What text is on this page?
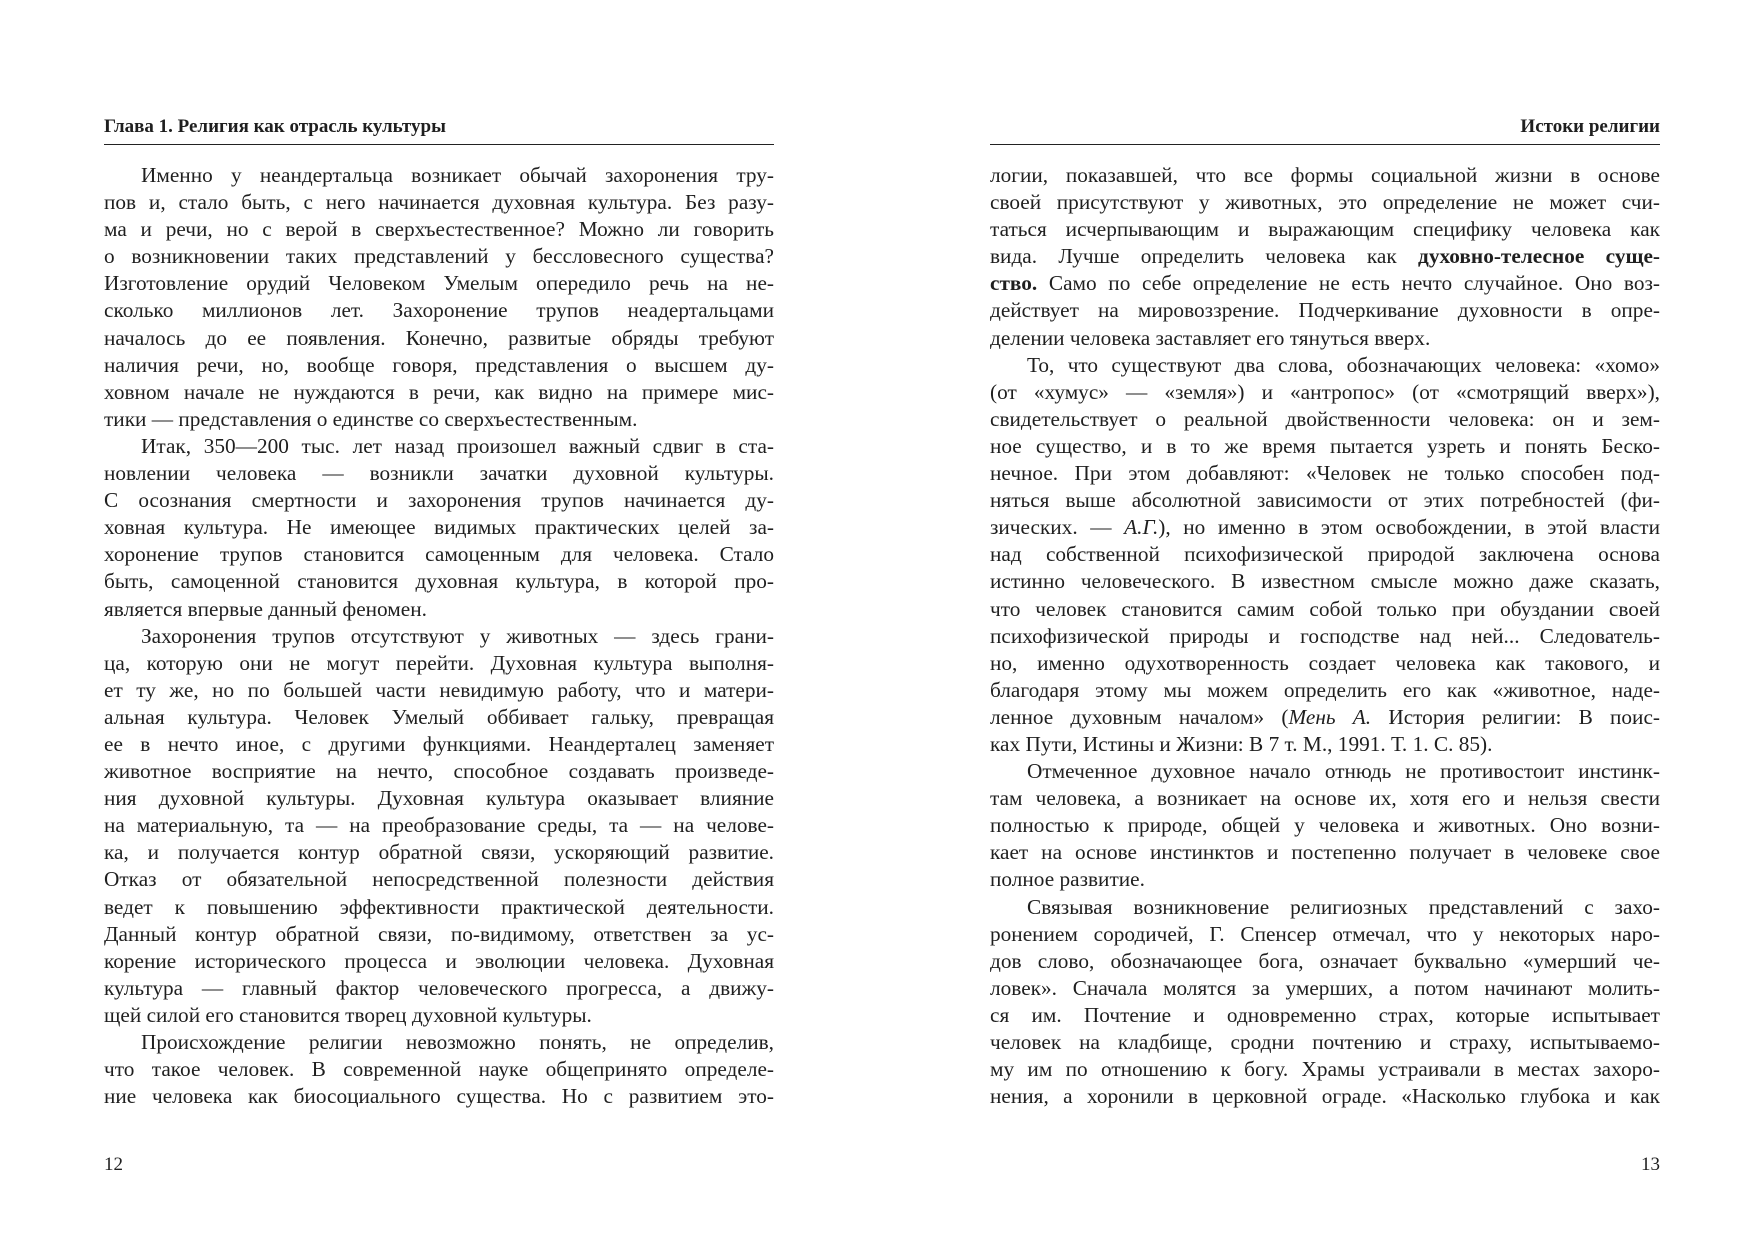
Глава 1. Религия как отрасль культуры
Именно у неандертальца возникает обычай захоронения тру-
пов и, стало быть, с него начинается духовная культура. Без разу-
ма и речи, но с верой в сверхъестественное? Можно ли говорить
о возникновении таких представлений у бессловесного существа?
Изготовление орудий Человеком Умелым опередило речь на не-
сколько миллионов лет. Захоронение трупов неадертальцами
началось до ее появления. Конечно, развитые обряды требуют
наличия речи, но, вообще говоря, представления о высшем ду-
ховном начале не нуждаются в речи, как видно на примере мис-
тики — представления о единстве со сверхъестественным.
Итак, 350—200 тыс. лет назад произошел важный сдвиг в ста-
новлении человека — возникли зачатки духовной культуры.
С осознания смертности и захоронения трупов начинается ду-
ховная культура. Не имеющее видимых практических целей за-
хоронение трупов становится самоценным для человека. Стало
быть, самоценной становится духовная культура, в которой про-
является впервые данный феномен.
Захоронения трупов отсутствуют у животных — здесь грани-
ца, которую они не могут перейти. Духовная культура выполня-
ет ту же, но по большей части невидимую работу, что и матери-
альная культура. Человек Умелый оббивает гальку, превращая
ее в нечто иное, с другими функциями. Неандерталец заменяет
животное восприятие на нечто, способное создавать произведе-
ния духовной культуры. Духовная культура оказывает влияние
на материальную, та — на преобразование среды, та — на челове-
ка, и получается контур обратной связи, ускоряющий развитие.
Отказ от обязательной непосредственной полезности действия
ведет к повышению эффективности практической деятельности.
Данный контур обратной связи, по-видимому, ответствен за ус-
корение исторического процесса и эволюции человека. Духовная
культура — главный фактор человеческого прогресса, а движу-
щей силой его становится творец духовной культуры.
Происхождение религии невозможно понять, не определив,
что такое человек. В современной науке общепринято определе-
ние человека как биосоциального существа. Но с развитием это-
12
Истоки религии
логии, показавшей, что все формы социальной жизни в основе
своей присутствуют у животных, это определение не может счи-
таться исчерпывающим и выражающим специфику человека как
вида. Лучше определить человека как духовно-телесное суще-
ство. Само по себе определение не есть нечто случайное. Оно воз-
действует на мировоззрение. Подчеркивание духовности в опре-
делении человека заставляет его тянуться вверх.
То, что существуют два слова, обозначающих человека: «хомо»
(от «хумус» — «земля») и «антропос» (от «смотрящий вверх»),
свидетельствует о реальной двойственности человека: он и зем-
ное существо, и в то же время пытается узреть и понять Беско-
нечное. При этом добавляют: «Человек не только способен под-
няться выше абсолютной зависимости от этих потребностей (фи-
зических. — А.Г.), но именно в этом освобождении, в этой власти
над собственной психофизической природой заключена основа
истинно человеческого. В известном смысле можно даже сказать,
что человек становится самим собой только при обуздании своей
психофизической природы и господстве над ней... Следователь-
но, именно одухотворенность создает человека как такового, и
благодаря этому мы можем определить его как «животное, наде-
ленное духовным началом» (Мень А. История религии: В поис-
ках Пути, Истины и Жизни: В 7 т. М., 1991. Т. 1. С. 85).
Отмеченное духовное начало отнюдь не противостоит инстинк-
там человека, а возникает на основе их, хотя его и нельзя свести
полностью к природе, общей у человека и животных. Оно возни-
кает на основе инстинктов и постепенно получает в человеке свое
полное развитие.
Связывая возникновение религиозных представлений с захо-
ронением сородичей, Г. Спенсер отмечал, что у некоторых наро-
дов слово, обозначающее бога, означает буквально «умерший че-
ловек». Сначала молятся за умерших, а потом начинают молить-
ся им. Почтение и одновременно страх, которые испытывает
человек на кладбище, сродни почтению и страху, испытываемо-
му им по отношению к богу. Храмы устраивали в местах захоро-
нения, а хоронили в церковной ограде. «Насколько глубока и как
13
